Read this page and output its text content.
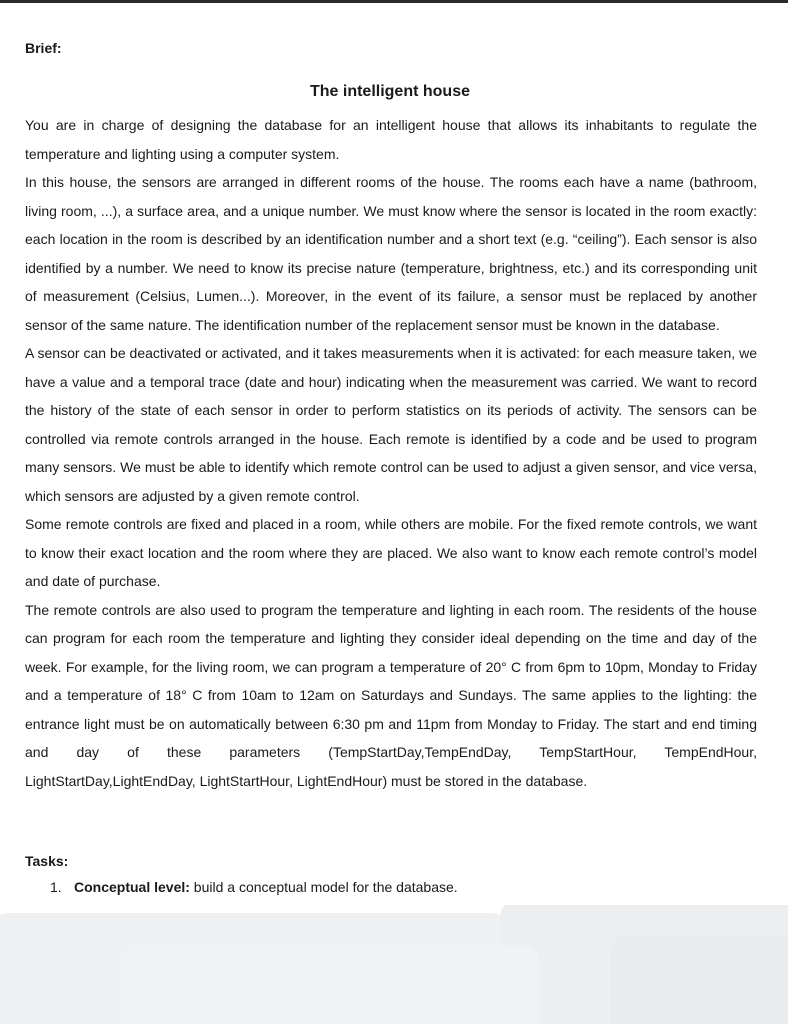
Brief:
The intelligent house

You are in charge of designing the database for an intelligent house that allows its inhabitants to regulate the temperature and lighting using a computer system.

In this house, the sensors are arranged in different rooms of the house. The rooms each have a name (bathroom, living room, ...), a surface area, and a unique number. We must know where the sensor is located in the room exactly: each location in the room is described by an identification number and a short text (e.g. “ceiling”). Each sensor is also identified by a number. We need to know its precise nature (temperature, brightness, etc.) and its corresponding unit of measurement (Celsius, Lumen...). Moreover, in the event of its failure, a sensor must be replaced by another sensor of the same nature. The identification number of the replacement sensor must be known in the database.

A sensor can be deactivated or activated, and it takes measurements when it is activated: for each measure taken, we have a value and a temporal trace (date and hour) indicating when the measurement was carried. We want to record the history of the state of each sensor in order to perform statistics on its periods of activity. The sensors can be controlled via remote controls arranged in the house. Each remote is identified by a code and be used to program many sensors. We must be able to identify which remote control can be used to adjust a given sensor, and vice versa, which sensors are adjusted by a given remote control.

Some remote controls are fixed and placed in a room, while others are mobile. For the fixed remote controls, we want to know their exact location and the room where they are placed. We also want to know each remote control’s model and date of purchase.

The remote controls are also used to program the temperature and lighting in each room. The residents of the house can program for each room the temperature and lighting they consider ideal depending on the time and day of the week. For example, for the living room, we can program a temperature of 20° C from 6pm to 10pm, Monday to Friday and a temperature of 18° C from 10am to 12am on Saturdays and Sundays. The same applies to the lighting: the entrance light must be on automatically between 6:30 pm and 11pm from Monday to Friday. The start and end timing and day of these parameters (TempStartDay,TempEndDay, TempStartHour, TempEndHour, LightStartDay,LightEndDay, LightStartHour, LightEndHour) must be stored in the database.

Tasks:
1. Conceptual level: build a conceptual model for the database.
